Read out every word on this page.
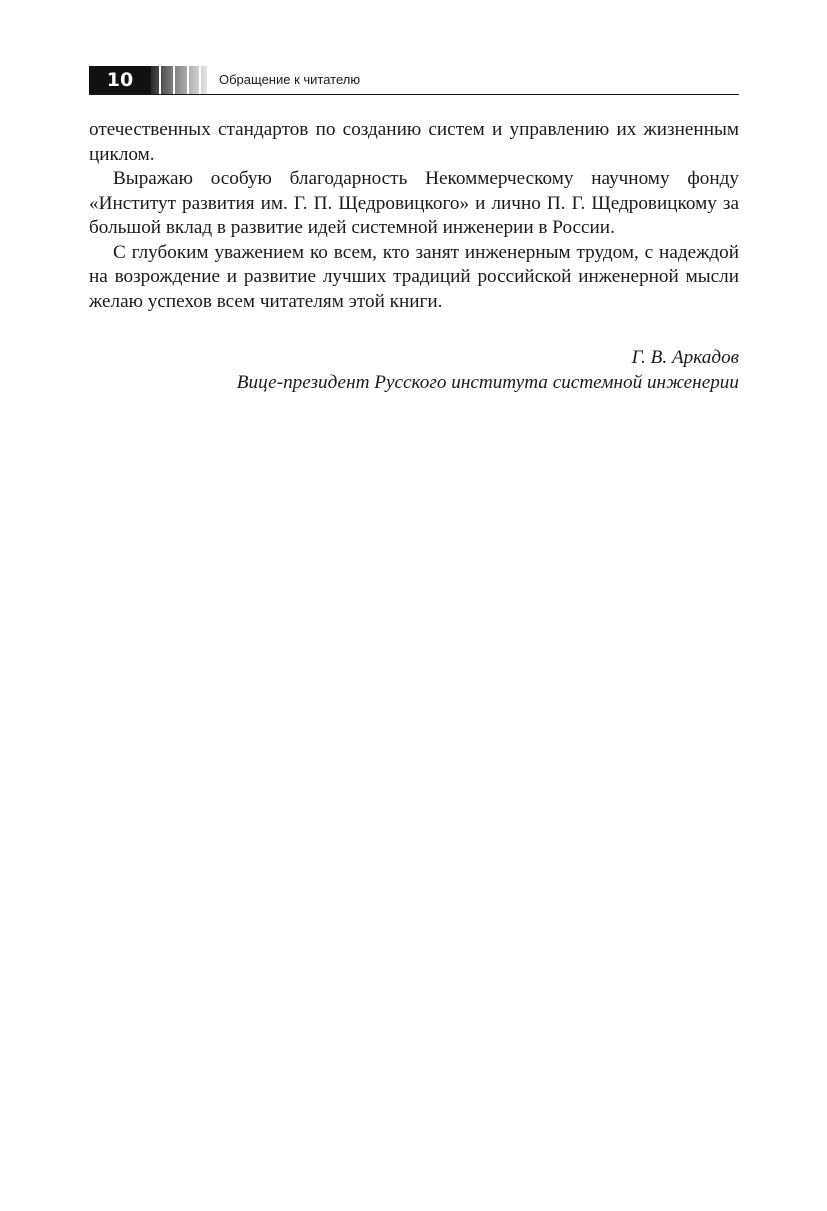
10	Обращение к читателю

отечественных стандартов по созданию систем и управлению их жизненным циклом.

Выражаю особую благодарность Некоммерческому научному фонду «Институт развития им. Г. П. Щедровицкого» и лично П. Г. Щедровицкому за большой вклад в развитие идей системной инженерии в России.

С глубоким уважением ко всем, кто занят инженерным трудом, с надеждой на возрождение и развитие лучших традиций российской инженерной мысли желаю успехов всем читателям этой книги.

Г. В. Аркадов
Вице-президент Русского института системной инженерии
